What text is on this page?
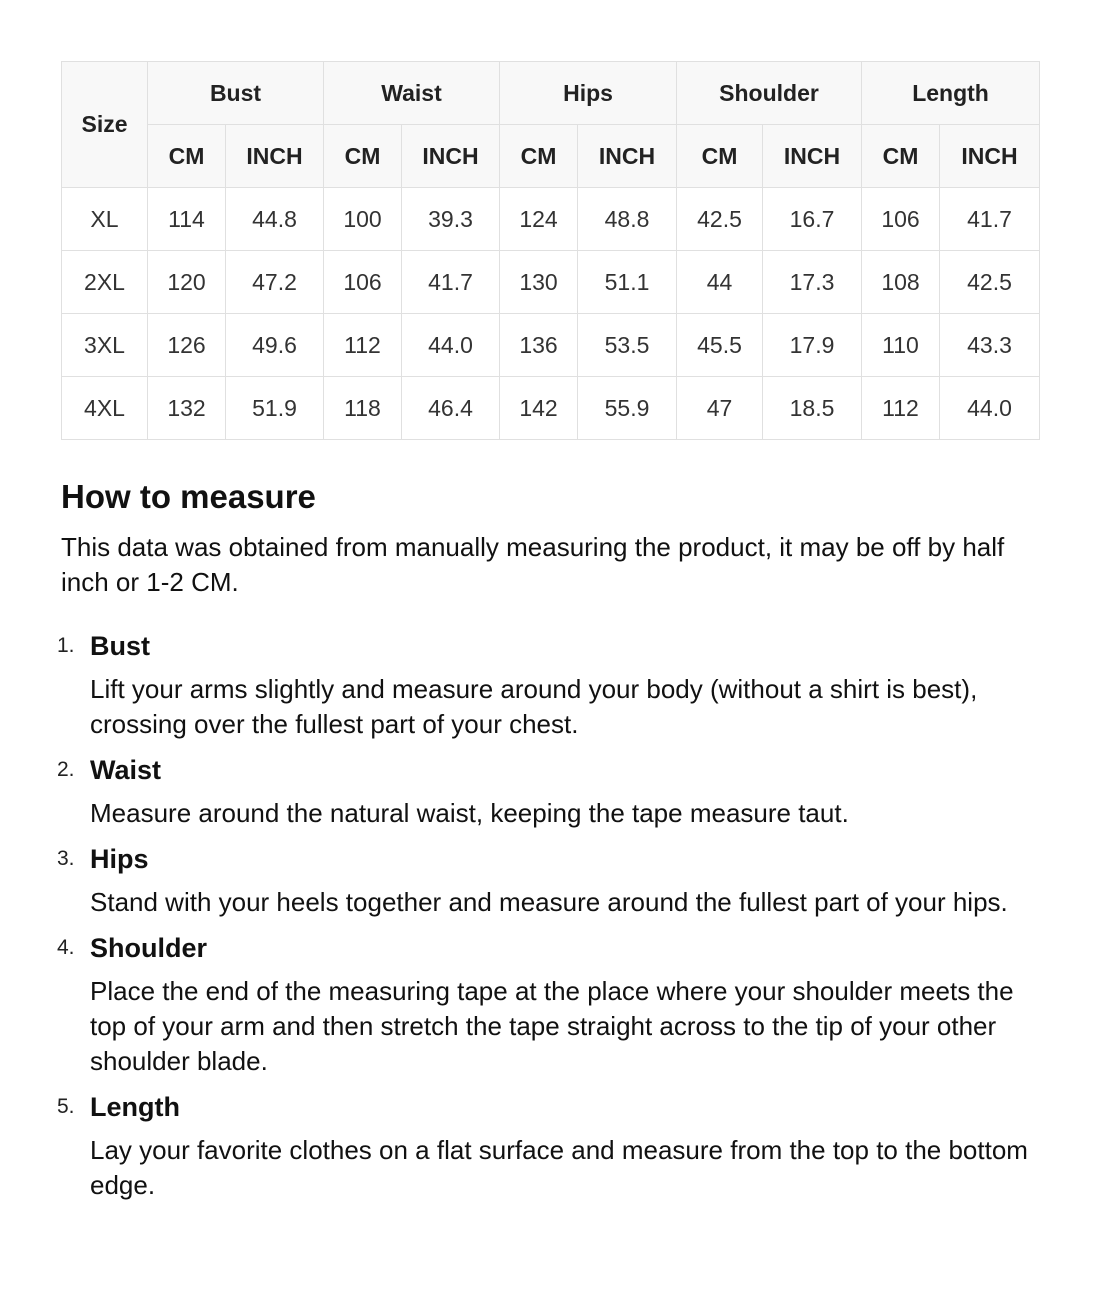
Size	Bust		Waist		Hips		Shoulder		Length	
	CM	INCH	CM	INCH	CM	INCH	CM	INCH	CM	INCH
XL	114	44.8	100	39.3	124	48.8	42.5	16.7	106	41.7
2XL	120	47.2	106	41.7	130	51.1	44	17.3	108	42.5
3XL	126	49.6	112	44.0	136	53.5	45.5	17.9	110	43.3
4XL	132	51.9	118	46.4	142	55.9	47	18.5	112	44.0
How to measure

This data was obtained from manually measuring the product, it may be off by half inch or 1-2 CM.

1. Bust
Lift your arms slightly and measure around your body (without a shirt is best), crossing over the fullest part of your chest.
2. Waist
Measure around the natural waist, keeping the tape measure taut.
3. Hips
Stand with your heels together and measure around the fullest part of your hips.
4. Shoulder
Place the end of the measuring tape at the place where your shoulder meets the top of your arm and then stretch the tape straight across to the tip of your other shoulder blade.
5. Length
Lay your favorite clothes on a flat surface and measure from the top to the bottom edge.
